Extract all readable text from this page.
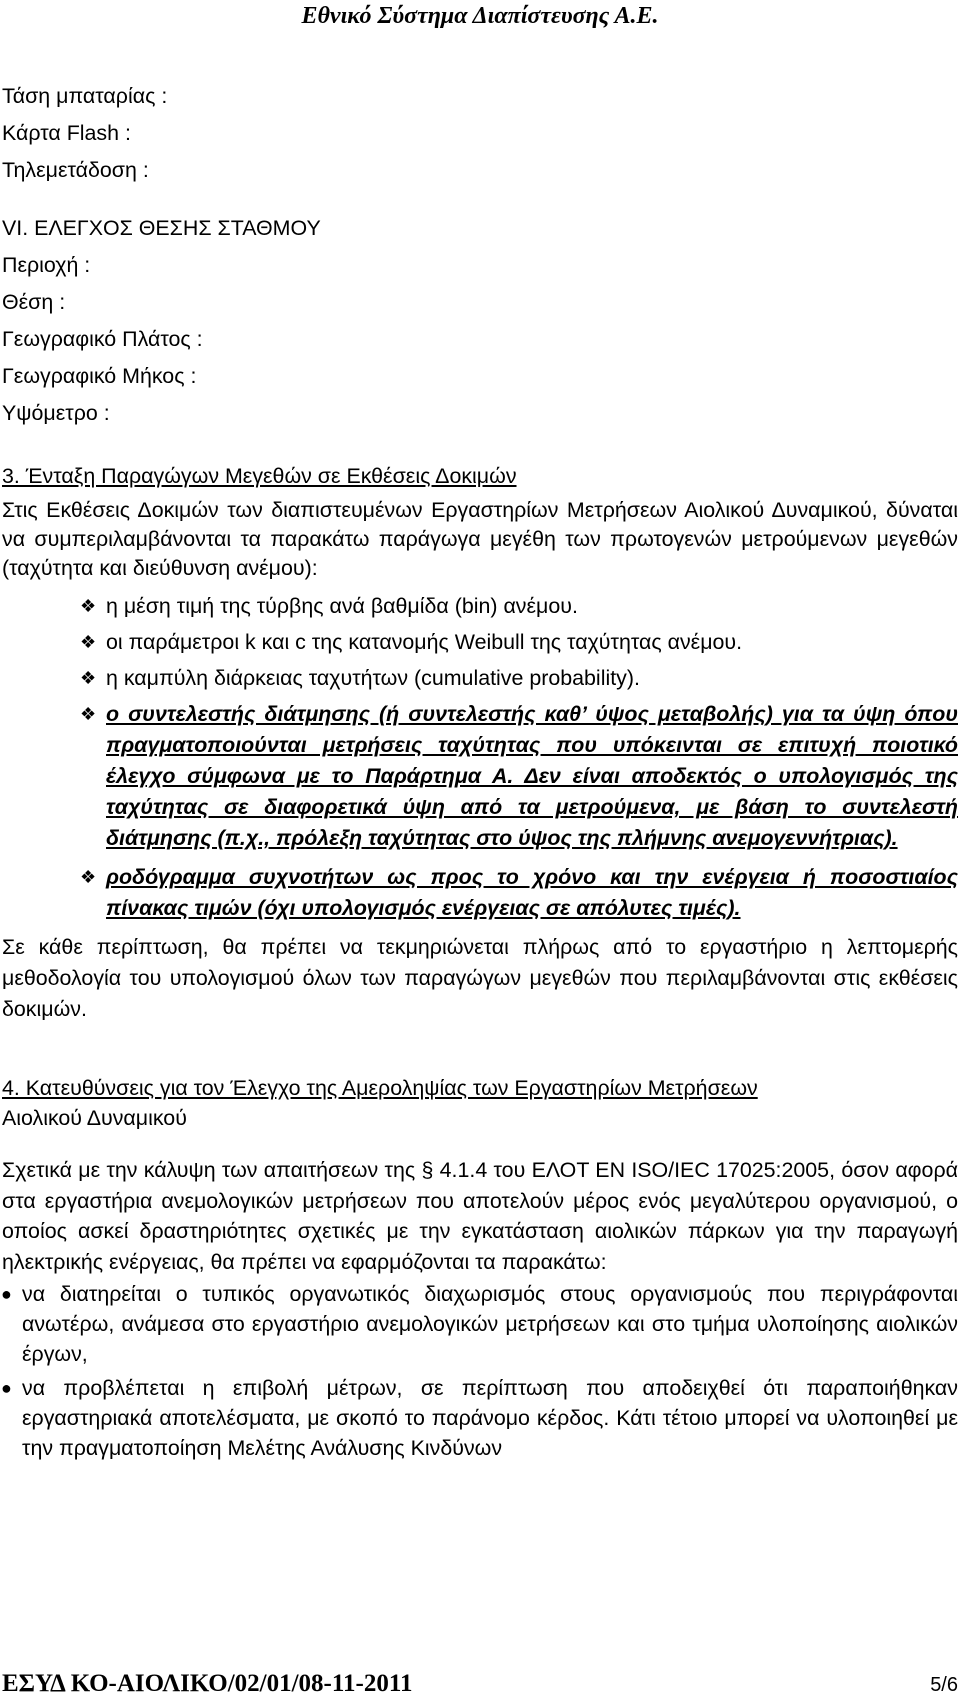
Εθνικό Σύστημα Διαπίστευσης Α.Ε.
Τάση μπαταρίας :
Κάρτα Flash :
Τηλεμετάδοση :
VI. ΕΛΕΓΧΟΣ ΘΕΣΗΣ ΣΤΑΘΜΟΥ
Περιοχή :
Θέση :
Γεωγραφικό Πλάτος :
Γεωγραφικό Μήκος :
Υψόμετρο :
3. Ένταξη Παραγώγων Μεγεθών σε Εκθέσεις Δοκιμών
Στις Εκθέσεις Δοκιμών των διαπιστευμένων Εργαστηρίων Μετρήσεων Αιολικού Δυναμικού, δύναται να συμπεριλαμβάνονται τα παρακάτω παράγωγα μεγέθη των πρωτογενών μετρούμενων μεγεθών (ταχύτητα και διεύθυνση ανέμου):
❖ η μέση τιμή της τύρβης ανά βαθμίδα (bin) ανέμου.
❖ οι παράμετροι k και c της κατανομής Weibull της ταχύτητας ανέμου.
❖ η καμπύλη διάρκειας ταχυτήτων (cumulative probability).
❖ ο συντελεστής διάτμησης (ή συντελεστής καθ’ ύψος μεταβολής) για τα ύψη όπου πραγματοποιούνται μετρήσεις ταχύτητας που υπόκεινται σε επιτυχή ποιοτικό έλεγχο σύμφωνα με το Παράρτημα Α. Δεν είναι αποδεκτός ο υπολογισμός της ταχύτητας σε διαφορετικά ύψη από τα μετρούμενα, με βάση το συντελεστή διάτμησης (π.χ., πρόλεξη ταχύτητας στο ύψος της πλήμνης ανεμογεννήτριας).
❖ ροδόγραμμα συχνοτήτων ως προς το χρόνο και την ενέργεια ή ποσοστιαίος πίνακας τιμών (όχι υπολογισμός ενέργειας σε απόλυτες τιμές).
Σε κάθε περίπτωση, θα πρέπει να τεκμηριώνεται πλήρως από το εργαστήριο η λεπτομερής μεθοδολογία του υπολογισμού όλων των παραγώγων μεγεθών που περιλαμβάνονται στις εκθέσεις δοκιμών.
4. Κατευθύνσεις για τον Έλεγχο της Αμεροληψίας των Εργαστηρίων Μετρήσεων
Αιολικού Δυναμικού
Σχετικά με την κάλυψη των απαιτήσεων της § 4.1.4 του ΕΛΟΤ ΕΝ ISO/IEC 17025:2005, όσον αφορά στα εργαστήρια ανεμολογικών μετρήσεων που αποτελούν μέρος ενός μεγαλύτερου οργανισμού, ο οποίος ασκεί δραστηριότητες σχετικές με την εγκατάσταση αιολικών πάρκων για την παραγωγή ηλεκτρικής ενέργειας, θα πρέπει να εφαρμόζονται τα παρακάτω:
● να διατηρείται ο τυπικός οργανωτικός διαχωρισμός στους οργανισμούς που περιγράφονται ανωτέρω, ανάμεσα στο εργαστήριο ανεμολογικών μετρήσεων και στο τμήμα υλοποίησης αιολικών έργων,
● να προβλέπεται η επιβολή μέτρων, σε περίπτωση που αποδειχθεί ότι παραποιήθηκαν εργαστηριακά αποτελέσματα, με σκοπό το παράνομο κέρδος. Κάτι τέτοιο μπορεί να υλοποιηθεί με την πραγματοποίηση Μελέτης Ανάλυσης Κινδύνων
ΕΣΥΔ ΚΟ-ΑΙΟΛΙΚΟ/02/01/08-11-2011	5/6
